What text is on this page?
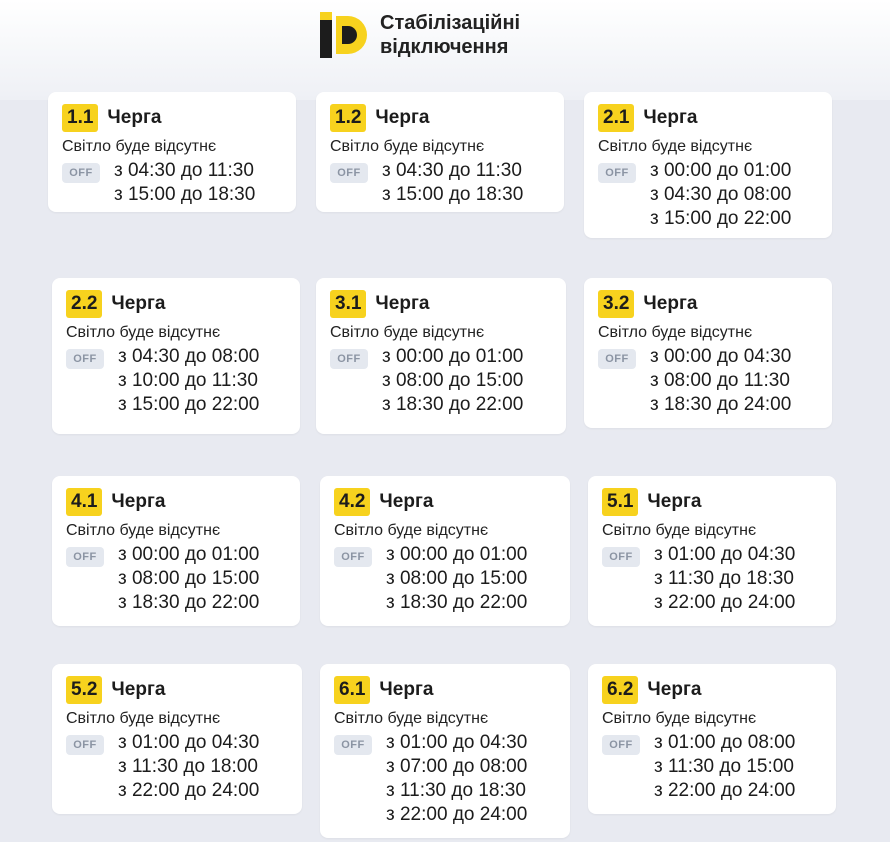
Стабілізаційні
відключення
1.1 Черга
Світло буде відсутнє
OFF	з 04:30 до 11:30
з 15:00 до 18:30
1.2 Черга
Світло буде відсутнє
OFF	з 04:30 до 11:30
з 15:00 до 18:30
2.1 Черга
Світло буде відсутнє
OFF	з 00:00 до 01:00
з 04:30 до 08:00
з 15:00 до 22:00
2.2 Черга
Світло буде відсутнє
OFF	з 04:30 до 08:00
з 10:00 до 11:30
з 15:00 до 22:00
3.1 Черга
Світло буде відсутнє
OFF	з 00:00 до 01:00
з 08:00 до 15:00
з 18:30 до 22:00
3.2 Черга
Світло буде відсутнє
OFF	з 00:00 до 04:30
з 08:00 до 11:30
з 18:30 до 24:00
4.1 Черга
Світло буде відсутнє
OFF	з 00:00 до 01:00
з 08:00 до 15:00
з 18:30 до 22:00
4.2 Черга
Світло буде відсутнє
OFF	з 00:00 до 01:00
з 08:00 до 15:00
з 18:30 до 22:00
5.1 Черга
Світло буде відсутнє
OFF	з 01:00 до 04:30
з 11:30 до 18:30
з 22:00 до 24:00
5.2 Черга
Світло буде відсутнє
OFF	з 01:00 до 04:30
з 11:30 до 18:00
з 22:00 до 24:00
6.1 Черга
Світло буде відсутнє
OFF	з 01:00 до 04:30
з 07:00 до 08:00
з 11:30 до 18:30
з 22:00 до 24:00
6.2 Черга
Світло буде відсутнє
OFF	з 01:00 до 08:00
з 11:30 до 15:00
з 22:00 до 24:00
